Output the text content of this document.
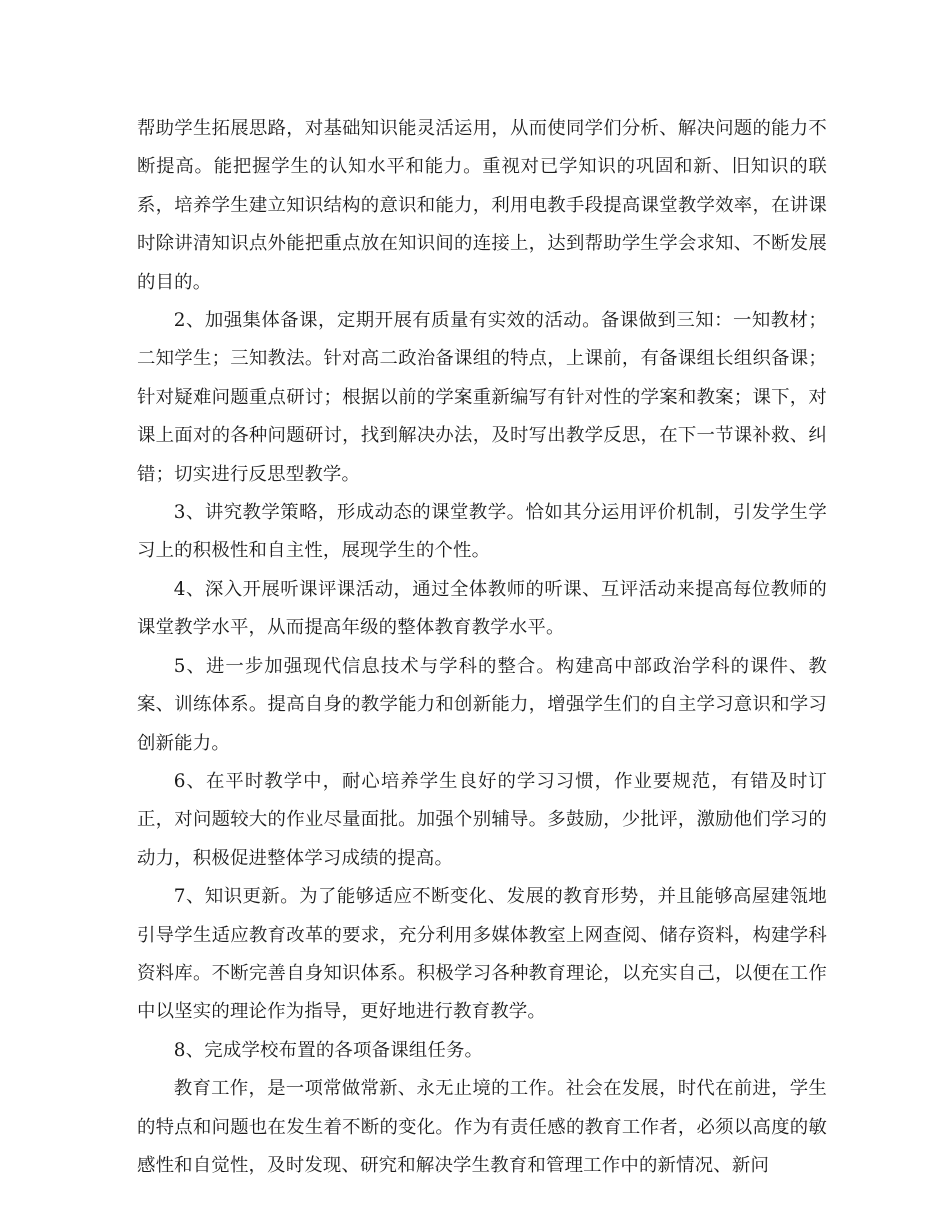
帮助学生拓展思路，对基础知识能灵活运用，从而使同学们分析、解决问题的能力不断提高。能把握学生的认知水平和能力。重视对已学知识的巩固和新、旧知识的联系，培养学生建立知识结构的意识和能力，利用电教手段提高课堂教学效率，在讲课时除讲清知识点外能把重点放在知识间的连接上，达到帮助学生学会求知、不断发展的目的。

2、加强集体备课，定期开展有质量有实效的活动。备课做到三知：一知教材；二知学生；三知教法。针对高二政治备课组的特点，上课前，有备课组长组织备课；针对疑难问题重点研讨；根据以前的学案重新编写有针对性的学案和教案；课下，对课上面对的各种问题研讨，找到解决办法，及时写出教学反思，在下一节课补救、纠错；切实进行反思型教学。

3、讲究教学策略，形成动态的课堂教学。恰如其分运用评价机制，引发学生学习上的积极性和自主性，展现学生的个性。

4、深入开展听课评课活动，通过全体教师的听课、互评活动来提高每位教师的课堂教学水平，从而提高年级的整体教育教学水平。

5、进一步加强现代信息技术与学科的整合。构建高中部政治学科的课件、教案、训练体系。提高自身的教学能力和创新能力，增强学生们的自主学习意识和学习创新能力。

6、在平时教学中，耐心培养学生良好的学习习惯，作业要规范，有错及时订正，对问题较大的作业尽量面批。加强个别辅导。多鼓励，少批评，激励他们学习的动力，积极促进整体学习成绩的提高。

7、知识更新。为了能够适应不断变化、发展的教育形势，并且能够高屋建瓴地引导学生适应教育改革的要求，充分利用多媒体教室上网查阅、储存资料，构建学科资料库。不断完善自身知识体系。积极学习各种教育理论，以充实自己，以便在工作中以坚实的理论作为指导，更好地进行教育教学。

8、完成学校布置的各项备课组任务。

教育工作，是一项常做常新、永无止境的工作。社会在发展，时代在前进，学生的特点和问题也在发生着不断的变化。作为有责任感的教育工作者，必须以高度的敏感性和自觉性，及时发现、研究和解决学生教育和管理工作中的新情况、新问
